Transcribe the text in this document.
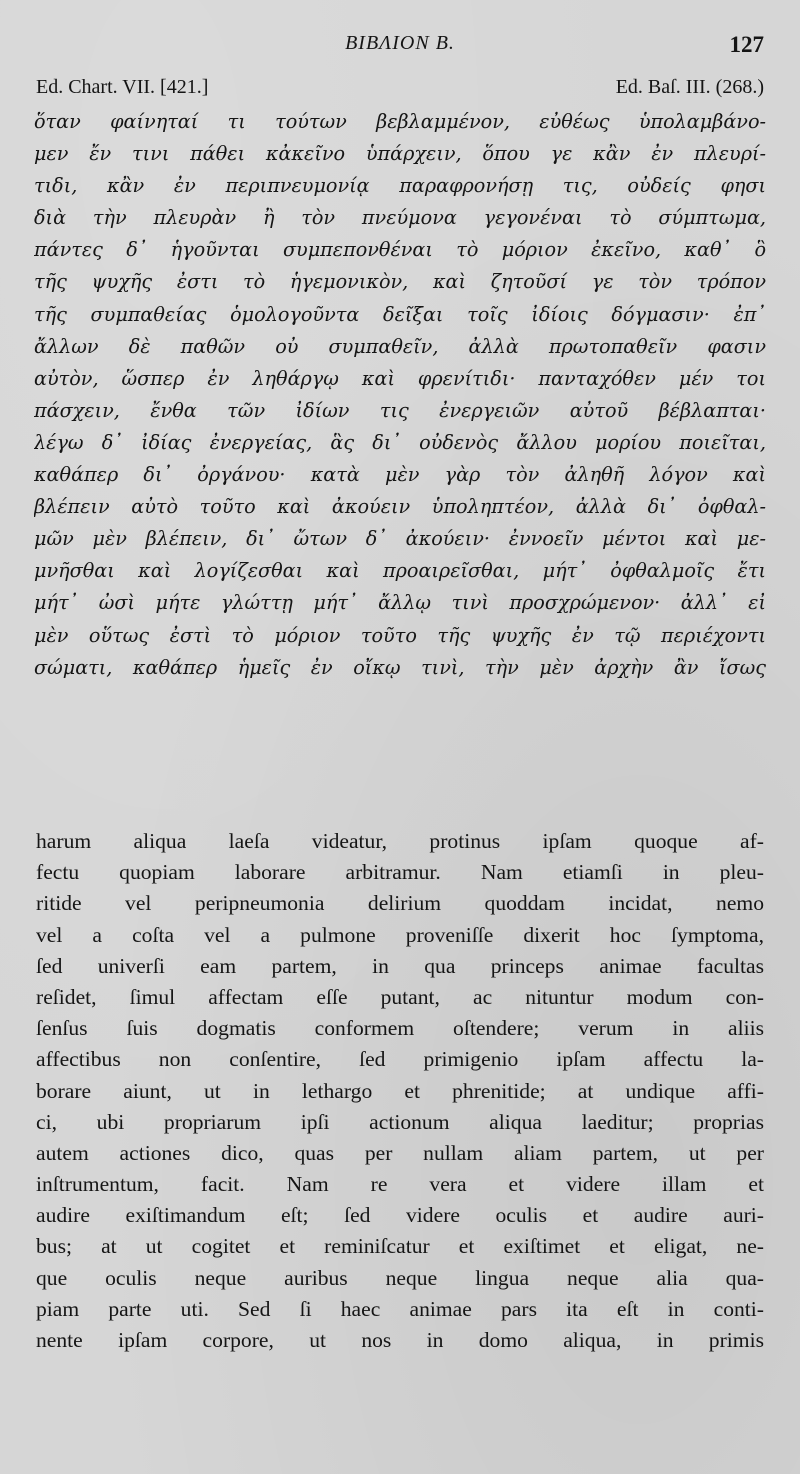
ΒΙΒΛΙΟΝ Β.	127
Ed. Chart. VII. [421.]	Ed. Baſ. III. (268.)
ὅταν φαίνηταί τι τούτων βεβλαμμένον, εὐθέως ὑπολαμβάνο-
μεν ἔν τινι πάθει κἀκεῖνο ὑπάρχειν, ὅπου γε κἂν ἐν πλευρί-
τιδι, κἂν ἐν περιπνευμονίᾳ παραφρονήσῃ τις, οὐδείς φησι
διὰ τὴν πλευρὰν ἢ τὸν πνεύμονα γεγονέναι τὸ σύμπτωμα,
πάντες δ᾽ ἡγοῦνται συμπεπονθέναι τὸ μόριον ἐκεῖνο, καθ᾽ ὃ
τῆς ψυχῆς ἐστι τὸ ἡγεμονικὸν, καὶ ζητοῦσί γε τὸν τρόπον
τῆς συμπαθείας ὁμολογοῦντα δεῖξαι τοῖς ἰδίοις δόγμασιν· ἐπ᾽
ἄλλων δὲ παθῶν οὐ συμπαθεῖν, ἀλλὰ πρωτοπαθεῖν φασιν
αὐτὸν, ὥσπερ ἐν ληθάργῳ καὶ φρενίτιδι· πανταχόθεν μέν τοι
πάσχειν, ἔνθα τῶν ἰδίων τις ἐνεργειῶν αὐτοῦ βέβλαπται·
λέγω δ᾽ ἰδίας ἐνεργείας, ἃς δι᾽ οὐδενὸς ἄλλου μορίου ποιεῖται,
καθάπερ δι᾽ ὀργάνου· κατὰ μὲν γὰρ τὸν ἀληθῆ λόγον καὶ
βλέπειν αὐτὸ τοῦτο καὶ ἀκούειν ὑποληπτέον, ἀλλὰ δι᾽ ὀφθαλ-
μῶν μὲν βλέπειν, δι᾽ ὤτων δ᾽ ἀκούειν· ἐννοεῖν μέντοι καὶ με-
μνῆσθαι καὶ λογίζεσθαι καὶ προαιρεῖσθαι, μήτ᾽ ὀφθαλμοῖς ἔτι
μήτ᾽ ὠσὶ μήτε γλώττῃ μήτ᾽ ἄλλῳ τινὶ προσχρώμενον· ἀλλ᾽ εἰ
μὲν οὕτως ἐστὶ τὸ μόριον τοῦτο τῆς ψυχῆς ἐν τῷ περιέχοντι
σώματι, καθάπερ ἡμεῖς ἐν οἴκῳ τινὶ, τὴν μὲν ἀρχὴν ἂν ἴσως
harum aliqua laeſa videatur, protinus ipſam quoque af-
fectu quopiam laborare arbitramur. Nam etiamſi in pleu-
ritide vel peripneumonia delirium quoddam incidat, nemo
vel a coſta vel a pulmone proveniſſe dixerit hoc ſymptoma,
ſed univerſi eam partem, in qua princeps animae facultas
reſidet, ſimul affectam eſſe putant, ac nituntur modum con-
ſenſus ſuis dogmatis conformem oſtendere; verum in aliis
affectibus non conſentire, ſed primigenio ipſam affectu la-
borare aiunt, ut in lethargo et phrenitide; at undique affi-
ci, ubi propriarum ipſi actionum aliqua laeditur; proprias
autem actiones dico, quas per nullam aliam partem, ut per
inſtrumentum, facit. Nam re vera et videre illam et
audire exiſtimandum eſt; ſed videre oculis et audire auri-
bus; at ut cogitet et reminiſcatur et exiſtimet et eligat, ne-
que oculis neque auribus neque lingua neque alia qua-
piam parte uti. Sed ſi haec animae pars ita eſt in conti-
nente ipſam corpore, ut nos in domo aliqua, in primis
